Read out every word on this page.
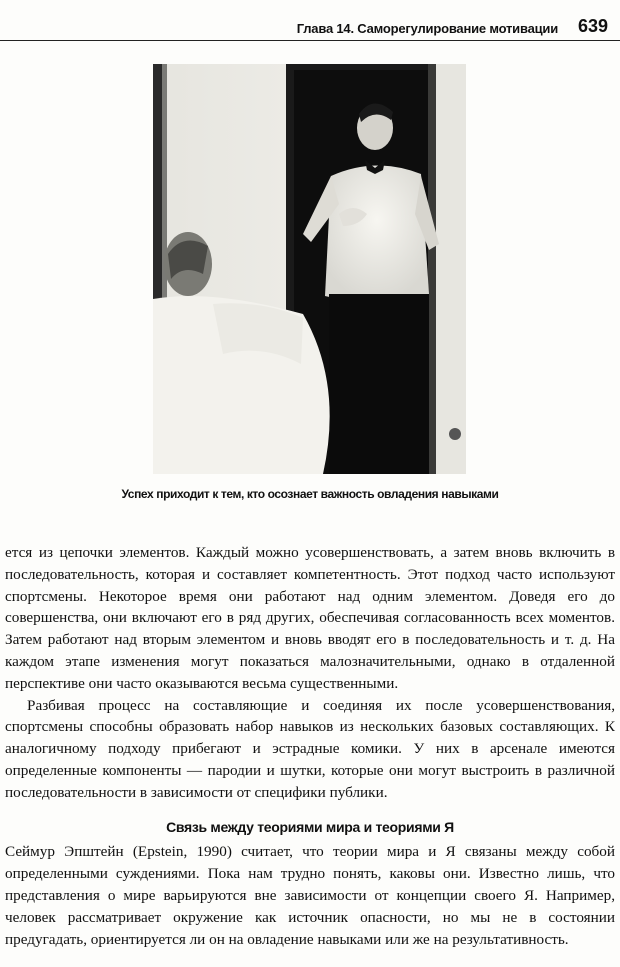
Глава 14. Саморегулирование мотивации 639
Успех приходит к тем, кто осознает важность овладения навыками

ется из цепочки элементов. Каждый можно усовершенствовать, а затем вновь включить в последовательность, которая и составляет компетентность. Этот подход часто используют спортсмены. Некоторое время они работают над одним элементом. Доведя его до совершенства, они включают его в ряд других, обеспечивая согласованность всех моментов. Затем работают над вторым элементом и вновь вводят его в последовательность и т. д. На каждом этапе изменения могут показаться малозначительными, однако в отдаленной перспективе они часто оказываются весьма существенными.

Разбивая процесс на составляющие и соединяя их после усовершенствования, спортсмены способны образовать набор навыков из нескольких базовых составляющих. К аналогичному подходу прибегают и эстрадные комики. У них в арсенале имеются определенные компоненты — пародии и шутки, которые они могут выстроить в различной последовательности в зависимости от специфики публики.

Связь между теориями мира и теориями Я

Сеймур Эпштейн (Epstein, 1990) считает, что теории мира и Я связаны между собой определенными суждениями. Пока нам трудно понять, каковы они. Известно лишь, что представления о мире варьируются вне зависимости от концепции своего Я. Например, человек рассматривает окружение как источник опасности, но мы не в состоянии предугадать, ориентируется ли он на овладение навыками или же на результативность.
